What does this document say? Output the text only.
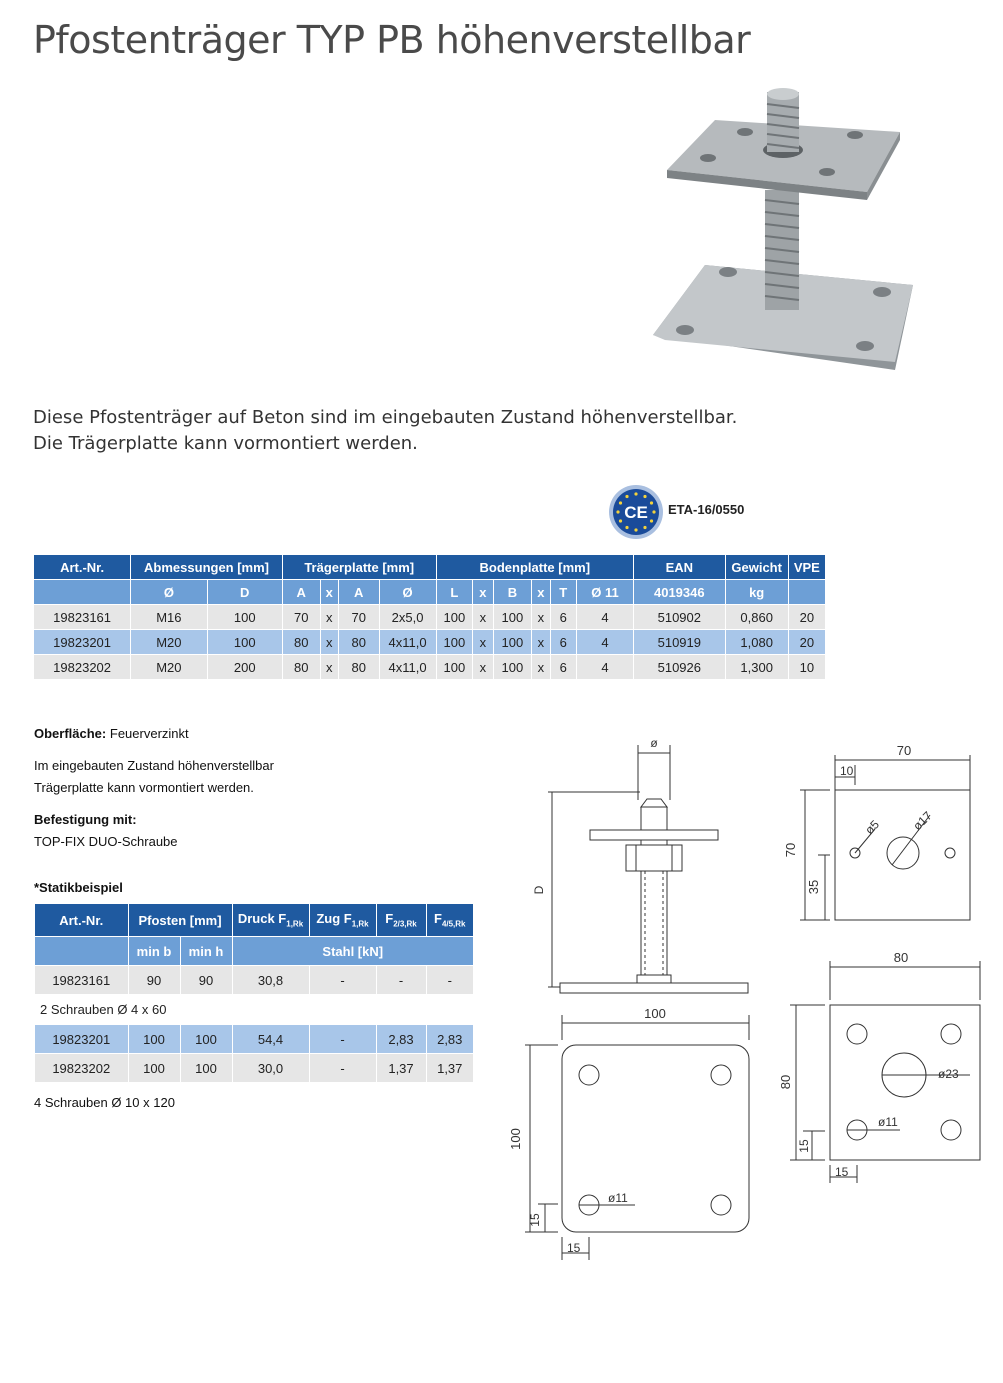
Pfostenträger TYP PB höhenverstellbar
Diese Pfostenträger auf Beton sind im eingebauten Zustand höhenverstellbar.
Die Trägerplatte kann vormontiert werden.
CE ETA-16/0550
Art.-Nr.	Abmessungen [mm]		Trägerplatte [mm]				Bodenplatte [mm]						EAN	Gewicht	VPE
	Ø	D	A	x	A	Ø	L	x	B	x	T	Ø 11	4019346	kg	
19823161	M16	100	70	x	70	2x5,0	100	x	100	x	6	4	510902	0,860	20
19823201	M20	100	80	x	80	4x11,0	100	x	100	x	6	4	510919	1,080	20
19823202	M20	200	80	x	80	4x11,0	100	x	100	x	6	4	510926	1,300	10
Oberfläche: Feuerverzinkt
Im eingebauten Zustand höhenverstellbar
Trägerplatte kann vormontiert werden.
Befestigung mit:
TOP-FIX DUO-Schraube
*Statikbeispiel
Art.-Nr.	Pfosten [mm]		Druck $F_{1,Rk}$	Zug $F_{1,Rk}$	$F_{2/3,Rk}$	$F_{4/5,Rk}$
	min b	min h	Stahl [kN]			
19823161	90	90	30,8	-	-	-
2 Schrauben Ø 4 x 60						
19823201	100	100	54,4	-	2,83	2,83
19823202	100	100	30,0	-	1,37	1,37
4 Schrauben Ø 10 x 120
ø
D
70
10
70
35
ø5 ø17
100
100
15
15
ø11
80
80
15
15
ø23
ø11
